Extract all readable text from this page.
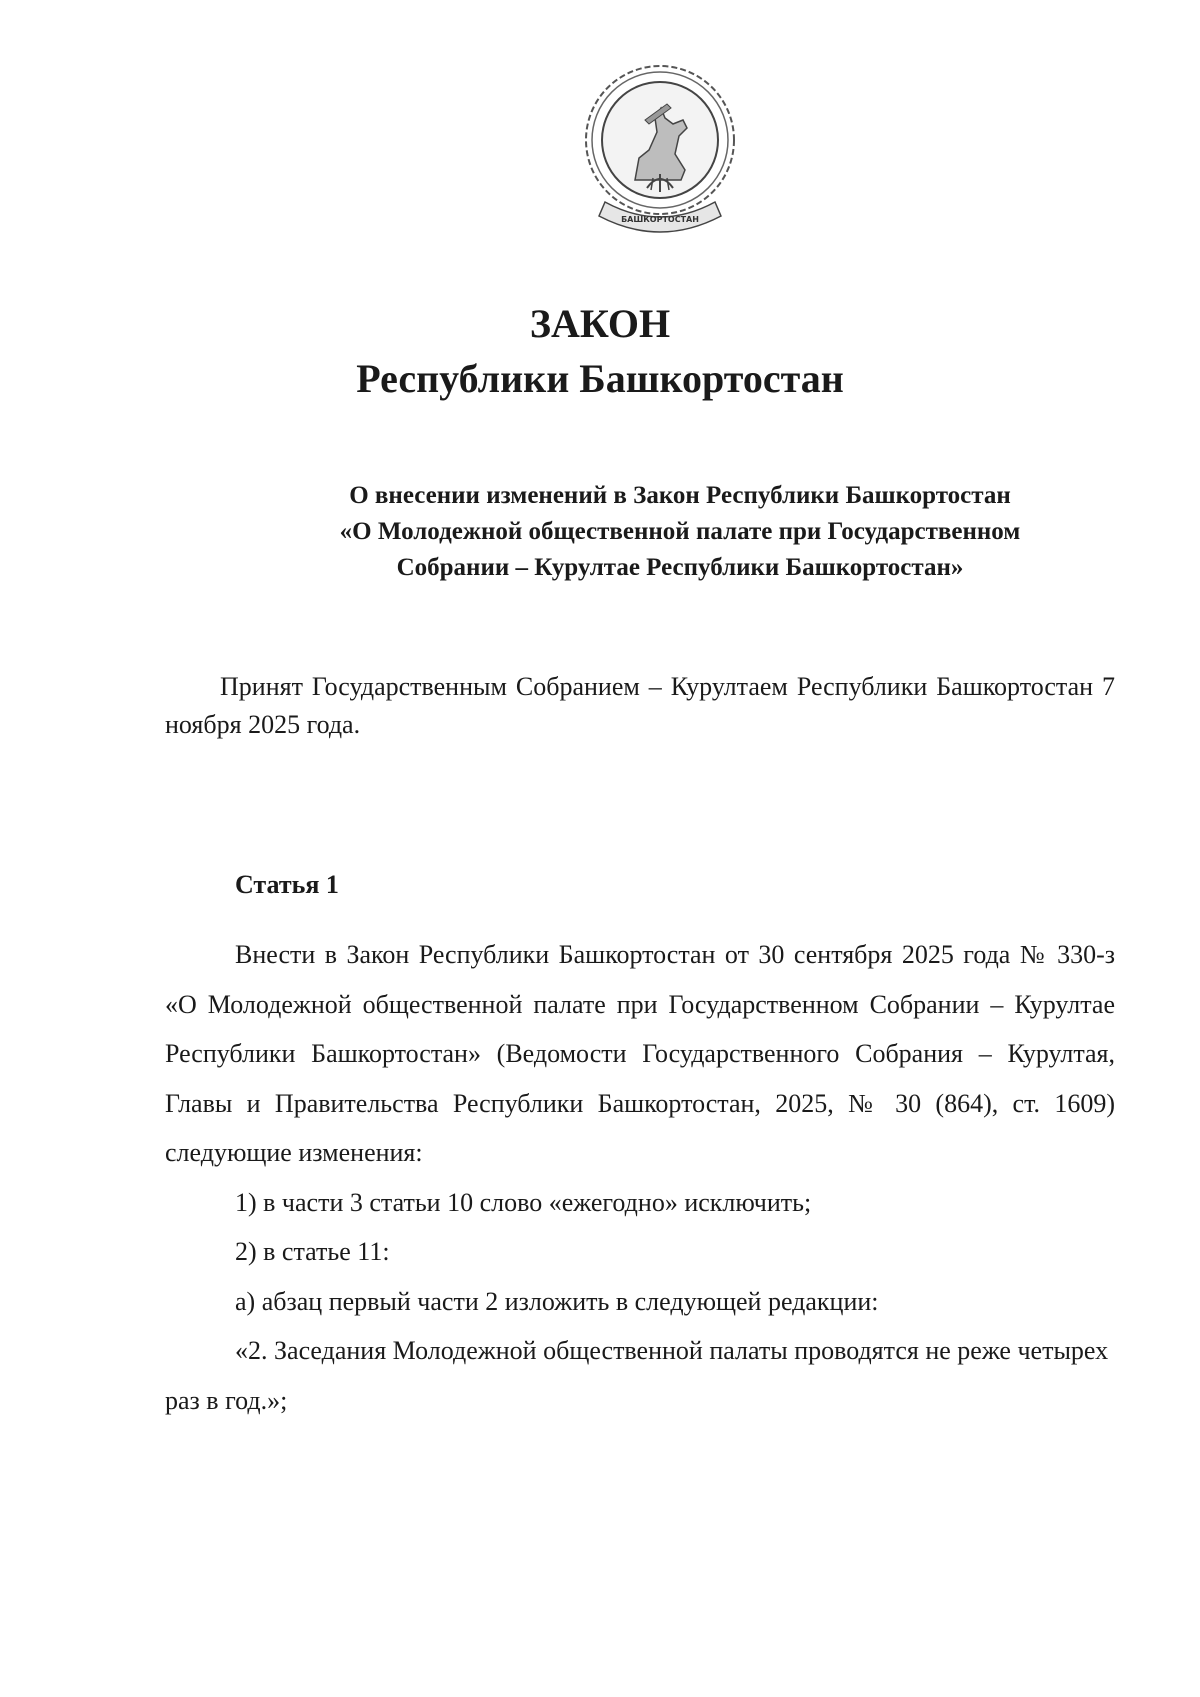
БАШКОРТОСТАН
ЗАКОН
Республики Башкортостан
О внесении изменений в Закон Республики Башкортостан
«О Молодежной общественной палате при Государственном
Собрании – Курултае Республики Башкортостан»
Принят Государственным Собранием – Курултаем Республики Башкортостан 7 ноября 2025 года.
Статья 1

Внести в Закон Республики Башкортостан от 30 сентября 2025 года № 330-з «О Молодежной общественной палате при Государственном Собрании – Курултае Республики Башкортостан» (Ведомости Государственного Собрания – Курултая, Главы и Правительства Республики Башкортостан, 2025, № 30 (864), ст. 1609) следующие изменения:

1) в части 3 статьи 10 слово «ежегодно» исключить;

2) в статье 11:

а) абзац первый части 2 изложить в следующей редакции:

«2. Заседания Молодежной общественной палаты проводятся не реже четырех раз в год.»;
